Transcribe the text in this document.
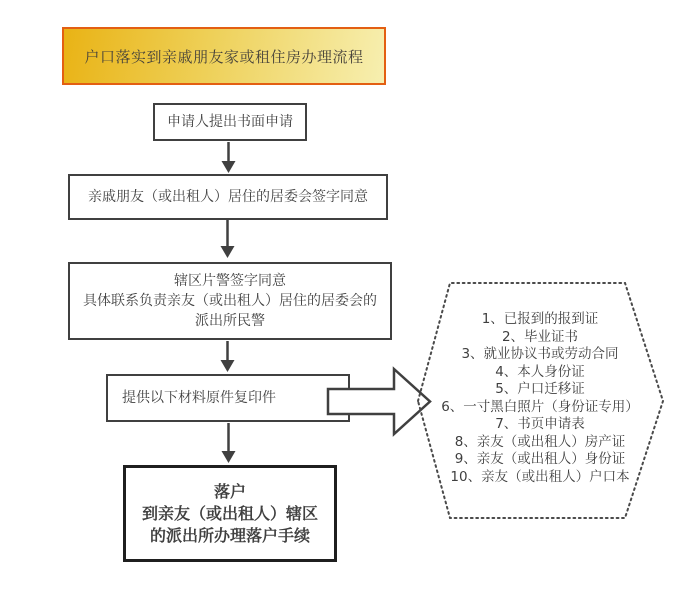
户口落实到亲戚朋友家或租住房办理流程
申请人提出书面申请
亲戚朋友（或出租人）居住的居委会签字同意
辖区片警签字同意
具体联系负责亲友（或出租人）居住的居委会的
派出所民警
提供以下材料原件复印件
落户
到亲友（或出租人）辖区
的派出所办理落户手续
1、已报到的报到证
2、毕业证书
3、就业协议书或劳动合同
4、本人身份证
5、户口迁移证
6、一寸黑白照片（身份证专用）
7、书页申请表
8、亲友（或出租人）房产证
9、亲友（或出租人）身份证
10、亲友（或出租人）户口本
